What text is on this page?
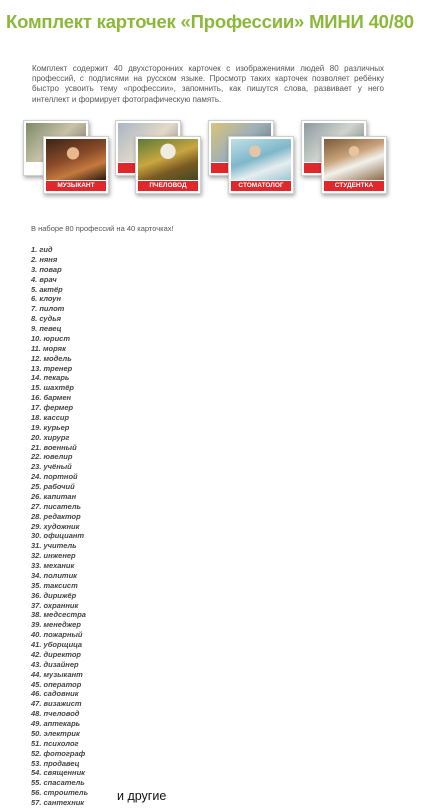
Комплект карточек «Профессии» МИНИ 40/80
Комплект содержит 40 двухсторонних карточек с изображениями людей 80 различных профессий, с подписями на русском языке. Просмотр таких карточек позволяет ребёнку быстро усвоить тему «профессии», запомнить, как пишутся слова, развивает у него интеллект и формирует фотографическую память.
МУЗЫКАНТ	ПЧЕЛОВОД	СТОМАТОЛОГ	СТУДЕНТКА
В наборе 80 профессий на 40 карточках!
1. гид
2. няня
3. повар
4. врач
5. актёр
6. клоун
7. пилот
8. судья
9. певец
10. юрист
11. моряк
12. модель
13. тренер
14. пекарь
15. шахтёр
16. бармен
17. фермер
18. кассир
19. курьер
20. хирург
21. военный
22. ювелир
23. учёный
24. портной
25. рабочий
26. капитан
27. писатель
28. редактор
29. художник
30. официант
31. учитель
32. инженер
33. механик
34. политик
35. таксист
36. дирижёр
37. охранник
38. медсестра
39. менеджер
40. пожарный
41. уборщица
42. директор
43. дизайнер
44. музыкант
45. оператор
46. садовник
47. визажист
48. пчеловод
49. аптекарь
50. электрик
51. психолог
52. фотограф
53. продавец
54. священник
55. спасатель
56. строитель
57. сантехник	и другие
